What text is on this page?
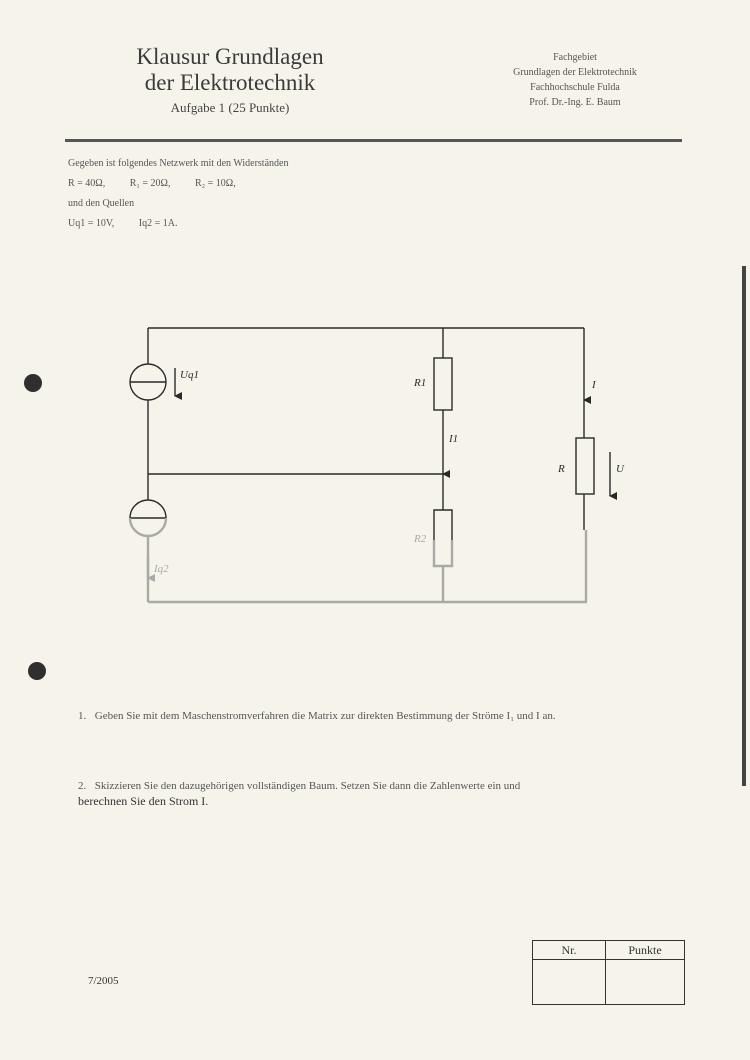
Klausur Grundlagen
der Elektrotechnik
Aufgabe 1 (25 Punkte)
Fachgebiet
Grundlagen der Elektrotechnik
Fachhochschule Fulda
Prof. Dr.-Ing. E. Baum
Gegeben ist folgendes Netzwerk mit den Widerständen
R = 40Ω, R₁ = 20Ω, R₂ = 10Ω,
und den Quellen
Uq1 = 10V, Iq2 = 1A.
Uq1
R1
I1
I
R	U
R2
Iq2
1. Geben Sie mit dem Maschenstromverfahren die Matrix zur direkten Bestimmung der Ströme I₁ und I an.
2. Skizzieren Sie den dazugehörigen vollständigen Baum. Setzen Sie dann die Zahlenwerte ein und
berechnen Sie den Strom I.
7/2005
Nr.	Punkte
